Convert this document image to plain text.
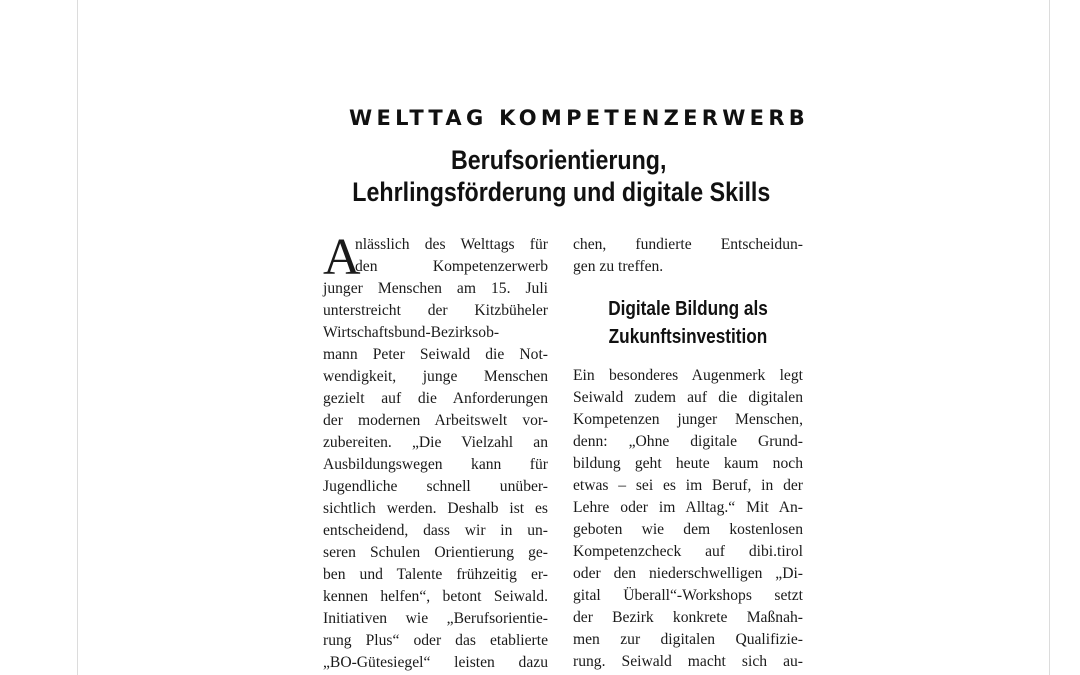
WELTTAG KOMPETENZERWERB
Berufsorientierung,
Lehrlingsförderung und digitale Skills
A
nlässlich des Welttags für
den Kompetenzerwerb
junger Menschen am 15. Juli
unterstreicht der Kitzbüheler
Wirtschaftsbund-Bezirksob-
mann Peter Seiwald die Not-
wendigkeit, junge Menschen
gezielt auf die Anforderungen
der modernen Arbeitswelt vor-
zubereiten. „Die Vielzahl an
Ausbildungswegen kann für
Jugendliche schnell unüber-
sichtlich werden. Deshalb ist es
entscheidend, dass wir in un-
seren Schulen Orientierung ge-
ben und Talente frühzeitig er-
kennen helfen“, betont Seiwald.
Initiativen wie „Berufsorientie-
rung Plus“ oder das etablierte
„BO-Gütesiegel“ leisten dazu
chen, fundierte Entscheidun-
gen zu treffen.
Digitale Bildung als
Zukunftsinvestition
Ein besonderes Augenmerk legt
Seiwald zudem auf die digitalen
Kompetenzen junger Menschen,
denn: „Ohne digitale Grund-
bildung geht heute kaum noch
etwas – sei es im Beruf, in der
Lehre oder im Alltag.“ Mit An-
geboten wie dem kostenlosen
Kompetenzcheck auf dibi.tirol
oder den niederschwelligen „Di-
gital Überall“-Workshops setzt
der Bezirk konkrete Maßnah-
men zur digitalen Qualifizie-
rung. Seiwald macht sich au-
